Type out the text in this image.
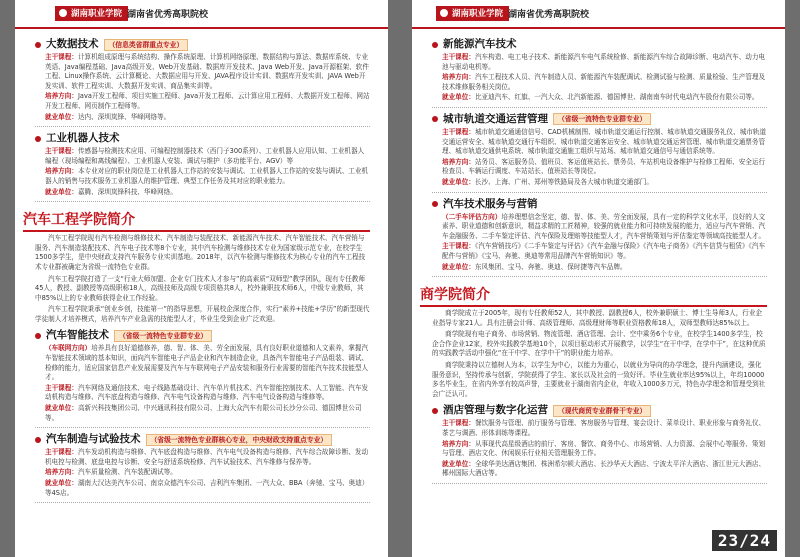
湖南职业学院 湖南省优秀高职院校
大数据技术	（信息类省群重点专业）
主干课程：计算机组成原理与系统结构、操作系统原理、计算机网络原理、数据结构与算法、数据库系统、专业英语、Java编程基础、Java高级开发、Web开发基础、数据库开发技术、Java Web开发、Java开源框架、软件工程、Linux操作系统、云计算概论、大数据应用与开发、JAVA程序设计实训、数据库开发实训、JAVA Web开发实训、软件工程实训、大数据开发实训、商品集实训等。
培养方向：Java开发工程师、项目实施工程师、Java开发工程师、云计算应用工程师、大数据开发工程师、网站开发工程师、网页制作工程师等。
就业单位：达内、深圳岚锋、华峰网络等。
工业机器人技术
主干课程：传感器与检测技术应用、可编程控制器技术（西门子300系列）、工业机器人应用认知、工业机器人编程（现场编程和离线编程）、工业机器人安装、调试与维护（多功能平台、AGV）等
培养方向：本专业对应的职业岗位是工业机器人工作站的安装与调试、工业机器人工作站的安装与调试、工业机器人的销售与技术服务工业机器人的维护管理、典型工作任务及其对应的职业能力。
就业单位：嘉腾、深圳岚锋科技、华峰网络。
汽车工程学院简介
汽车工程学院现有汽车检测与维修技术、汽车制造与装配技术、新能源汽车技术、汽车智能技术、汽车营销与服务、汽车制造装配技术、汽车电子技术等8个专业，其中汽车检测与维修技术专业为国家级示范专业，在校学生1500多学生，是中央财政支持汽车服务专业实训基地。2018年，以汽车检测与维修技术为核心专业的汽车工程技术专业群被确定为省级一流特色专业群。
汽车工程学院打造了一支“行业大师加盟、企业专门技术人才参与”的高素质“双师型”教学团队，现有专任教师45人，教授、副教授等高级职称18人，高级技师及高级专项资格共8人，校外兼职技术师6人，中级专业教师，其中85%以上的专业教师获得企业工作经验。
汽车工程学院秉承“创业乡创，技能第一”的指导思想，开展校企深度合作，实行“素养+技能+学历”的新型现代学徒制人才培养模式，培养汽车产业急需的技能型人才，毕业生受到企业广泛欢迎。
汽车智能技术	（省级一流特色专业群专业）
（车联网方向）培养具有良好道德修养，德、智、体、美、劳全面发展，具有良好职业道德和人文素养，掌握汽车智能技术领域的基本知识，面向汽车智能电子产品企业和汽车制造企业，具备汽车智能电子产品组装、调试、检修的能力，适应国家信息产业发展需要及汽车与车联网电子产品安装和服务行业需要的智能汽车技术技能型人才。
主干课程：汽车网络及通信技术、电子线路基础设计、汽车单片机技术、汽车智能控制技术、人工智能、汽车发动机构造与维修、汽车底盘构造与维修、汽车电气设备构造与维修、汽车电气设备构造与维修等。
就业单位：高新兴科技集团公司、中兴通讯科技有限公司、上海大众汽车有限公司长沙分公司、德国博世公司等。
汽车制造与试验技术	（省级一流特色专业群核心专业，中央财政支持重点专业）
主干课程：汽车发动机构造与维修、汽车底盘构造与维修、汽车电气设备构造与维修、汽车综合故障诊断、发动机电控与检测、底盘电控与诊断、安全与舒适系统检修、汽车试验技术、汽车维修与保养等。
培养方向：汽车质量检测、汽车装配调试等。
就业单位：湖南大汉达美汽车公司、南京众德汽车公司、吉利汽车集团、一汽大众、BBA（奔驰、宝马、奥迪）等4S店。
湖南职业学院 湖南省优秀高职院校
新能源汽车技术
主干课程：汽车构造、电工电子技术、新能源汽车电气系统检修、新能源汽车综合故障诊断、电动汽车、动力电池与驱动电机等。
培养方向：汽车工程技术人员、汽车制造人员、新能源汽车装配调试、检测试验与检测、质量检验、生产管理及技术维修服务相关岗位。
就业单位：比亚迪汽车、红旗、一汽大众、北汽新能源、德国博世、湖南南车时代电动汽车股份有限公司等。
城市轨道交通运营管理	（省级一流特色专业群专业）
主干课程：城市轨道交通通信信号、CAD机械制图、城市轨道交通运行控制、城市轨道交通服务礼仪、城市轨道交通运营安全、城市轨道交通行车组织、城市轨道交通客运安全、城市轨道交通运营管理、城市轨道交通票务管理、城市轨道交通供电系统、城市轨道交通施工组织与站场、城市轨道交通信号与通信系统等。
培养方向：站务员、客运服务员、值班员、客运值班站长、票务员、车站机电设备维护与检修工程师、安全运行检查员、车辆运行调度、车站站长、值班站长等岗位。
就业单位：长沙、上海、广州、郑州等铁路局及各大城市轨道交通部门。
汽车技术服务与营销
（二手车评估方向）培养理想信念坚定，德、智、体、美、劳全面发展，具有一定的科学文化水平，良好的人文素养、职业道德和创新意识，精益求精的工匠精神，较强的就业能力和可持续发展的能力，适应与汽车营销、汽车金融服务、二手车鉴定评估、汽车保险及理赔等技能型人才，汽车营销策划与评估鉴定等领域高技能型人才。
主干课程：《汽车营销技巧》《二手车鉴定与评估》《汽车金融与保险》《汽车电子商务》《汽车信贷与租赁》《汽车配件与营销》《宝马、奔驰、奥迪等常用品牌汽车营销知识》等。
就业单位：东风集团、宝马、奔驰、奥迪、保时捷等汽车品牌。
商学院简介
商学院成立于2005年，现有专任教师52人，其中教授、副教授6人，校外兼职硕士、博士生导师3人，行业企业指导专家21人。具有注册会计师、高级管理师、高级理财师等职业资格教师18人，双师型教师达85%以上。
商学院现有电子商务、市场营销、物流管理、酒店管理、会计、空中乘务6个专业，在校学生1400多学生，校企合作企业12家，校外实践教学基地10个，以项目驱动形式开展教学，以学生“在干中学，在学中干”，在这种优质的实践教学活动中强化“在干中学、在学中干”的职业能力培养。
商学院秉持以立德树人为本，以学生为中心，以能力为重心，以就业为导向的办学理念，提升内涵建设，强化服务意识，坚持传承与创新，学院获得了学生、家长以及社会的一致好评。毕业生就业率达95%以上，年均10000多名毕业生，在省内外享有较高声誉，主要就业于湖南省内企业，年收入1000多万元，特色办学理念和管理受到社会广泛认可。
酒店管理与数字化运营	（现代商贸专业群骨干专业）
主干课程：餐饮服务与管理、前厅服务与管理、客房服务与管理、宴会设计、菜单设计、职业形象与商务礼仪、茶艺与调酒、形体训练等课程。
培养方向：从事现代高星级酒店的前厅、客房、餐饮、商务中心、市场营销、人力资源、会展中心等服务、策划与管理、酒店文化、休闲娱乐行业相关管理服务工作。
就业单位：全球华美达酒店集团、株洲希尔顿大酒店、长沙华天大酒店、宁波太平洋大酒店、浙江世元大酒店、郴州国际大酒店等。
23/24
